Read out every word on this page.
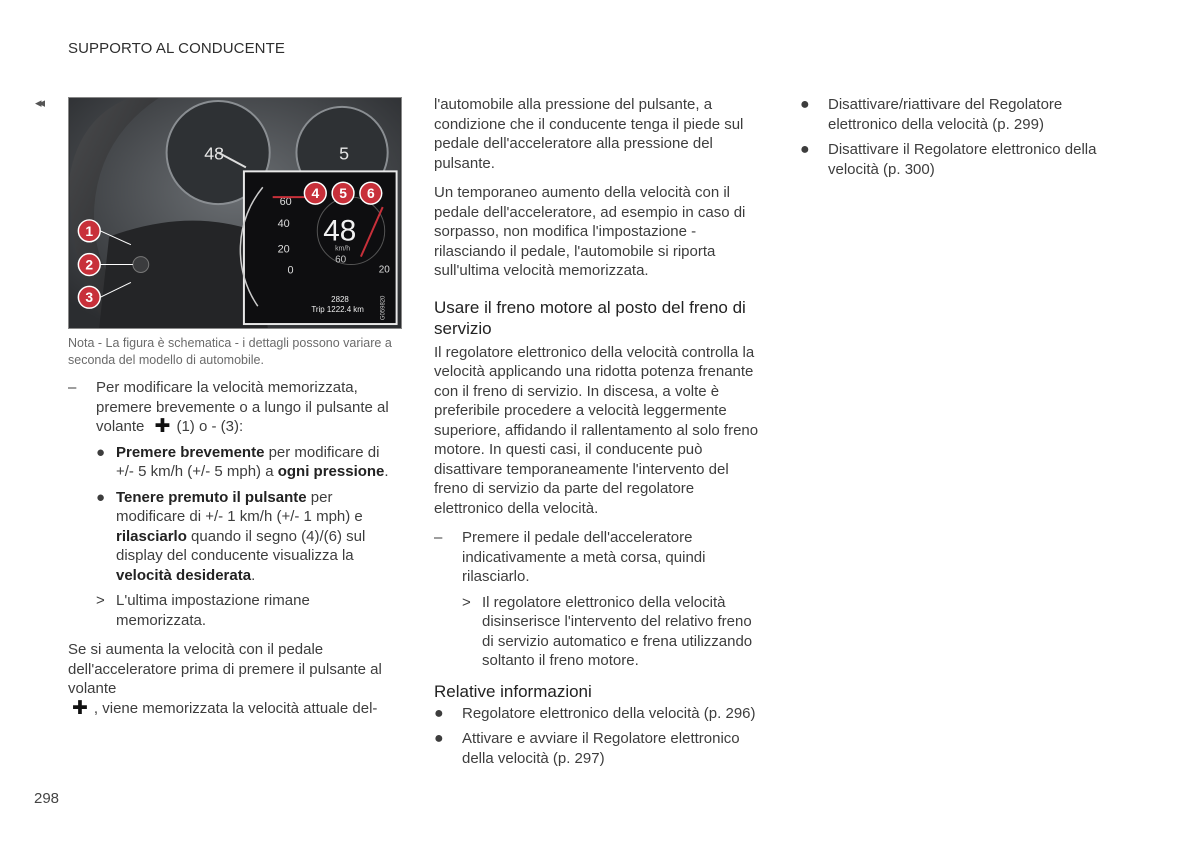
SUPPORTO AL CONDUCENTE
◂◂
48	5
60
40
20
0	20
48
km/h
60
2828
Trip 1222.4 km	G059820
1
2
3
4 5 6
Nota - La figura è schematica - i dettagli possono variare a seconda del modello di automobile.
– Per modificare la velocità memorizzata, premere brevemente o a lungo il pulsante al volante ✚ (1) o - (3):
● Premere brevemente per modificare di +/- 5 km/h (+/- 5 mph) a ogni pressione.
● Tenere premuto il pulsante per modificare di +/- 1 km/h (+/- 1 mph) e rilasciarlo quando il segno (4)/(6) sul display del conducente visualizza la velocità desiderata.
> L'ultima impostazione rimane memorizzata.

Se si aumenta la velocità con il pedale dell'acceleratore prima di premere il pulsante al volante
✚ , viene memorizzata la velocità attuale del-

l'automobile alla pressione del pulsante, a condizione che il conducente tenga il piede sul pedale dell'acceleratore alla pressione del pulsante.

Un temporaneo aumento della velocità con il pedale dell'acceleratore, ad esempio in caso di sorpasso, non modifica l'impostazione - rilasciando il pedale, l'automobile si riporta sull'ultima velocità memorizzata.

Usare il freno motore al posto del freno di servizio

Il regolatore elettronico della velocità controlla la velocità applicando una ridotta potenza frenante con il freno di servizio. In discesa, a volte è preferibile procedere a velocità leggermente superiore, affidando il rallentamento al solo freno motore. In questi casi, il conducente può disattivare temporaneamente l'intervento del freno di servizio da parte del regolatore elettronico della velocità.

– Premere il pedale dell'acceleratore indicativamente a metà corsa, quindi rilasciarlo.
> Il regolatore elettronico della velocità disinserisce l'intervento del relativo freno di servizio automatico e frena utilizzando soltanto il freno motore.
Relative informazioni
● Regolatore elettronico della velocità (p. 296)
● Attivare e avviare il Regolatore elettronico della velocità (p. 297)
● Disattivare/riattivare del Regolatore elettronico della velocità (p. 299)
● Disattivare il Regolatore elettronico della velocità (p. 300)
298
